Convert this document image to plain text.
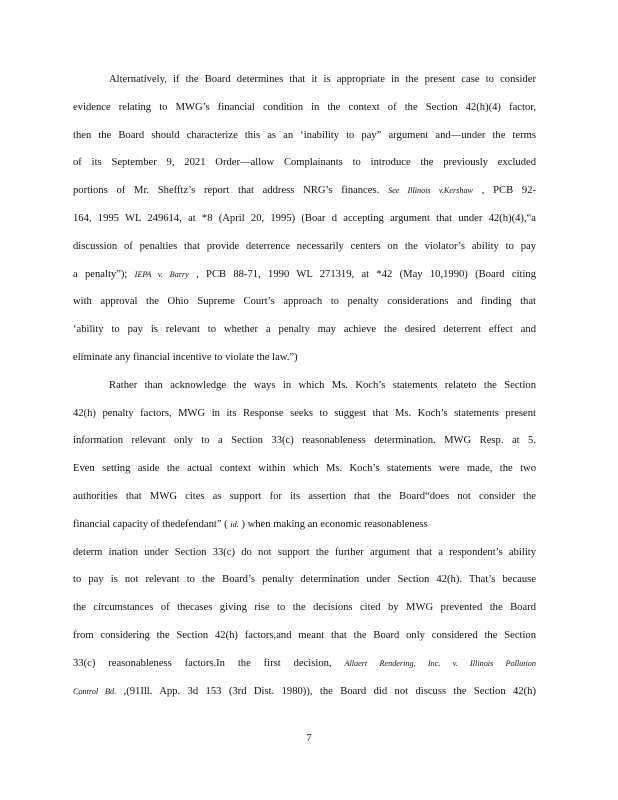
Alternatively, if the Board determines that it is appropriate in the present case to consider
evidence relating to MWG’s financial condition in the context of the Section 42(h)(4) factor,
then the Board should characterize this as an ‘inability to pay” argument and—under the terms
of its September 9, 2021 Order—allow Complainants to introduce the previously excluded
portions of Mr. Shefftz’s report that address NRG’s finances. See Illinois v.Kershaw , PCB 92-
164, 1995 WL 249614, at *8 (April 20, 1995) (Boar d accepting argument that under 42(h)(4),“a
discussion of penalties that provide deterrence necessarily centers on the violator’s ability to pay
a penalty”); IEPA v. Barry , PCB 88-71, 1990 WL 271319, at *42 (May 10,1990) (Board citing
with approval the Ohio Supreme Court’s approach to penalty considerations and finding that
‘ability to pay is relevant to whether a penalty may achieve the desired deterrent effect and
eliminate any financial incentive to violate the law.”)
Rather than acknowledge the ways in which Ms. Koch’s statements relateto the Section
42(h) penalty factors, MWG in its Response seeks to suggest that Ms. Koch’s statements present
information relevant only to a Section 33(c) reasonableness determination. MWG Resp. at 5.
Even setting aside the actual context within which Ms. Koch’s statements were made, the two
authorities that MWG cites as support for its assertion that the Board“does not consider the
financial capacity of thedefendant” ( id. ) when making an economic reasonableness
determ ination under Section 33(c) do not support the further argument that a respondent’s ability
to pay is not relevant to the Board’s penalty determination under Section 42(h). That’s because
the circumstances of thecases giving rise to the decisions cited by MWG prevented the Board
from considering the Section 42(h) factors,and meant that the Board only considered the Section
33(c) reasonableness factors.In the first decision, Allaert Rendering, Inc. v. Illinois Pollution
Control Bd. ,(91Ill. App. 3d 153 (3rd Dist. 1980)), the Board did not discuss the Section 42(h)
7
